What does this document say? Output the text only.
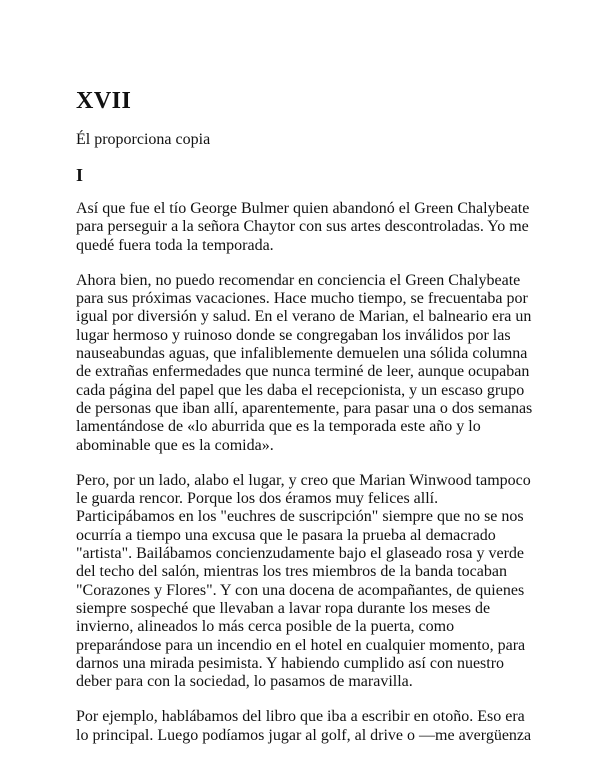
XVII

Él proporciona copia

I

Así que fue el tío George Bulmer quien abandonó el Green Chalybeate para perseguir a la señora Chaytor con sus artes descontroladas. Yo me quedé fuera toda la temporada.

Ahora bien, no puedo recomendar en conciencia el Green Chalybeate para sus próximas vacaciones. Hace mucho tiempo, se frecuentaba por igual por diversión y salud. En el verano de Marian, el balneario era un lugar hermoso y ruinoso donde se congregaban los inválidos por las nauseabundas aguas, que infaliblemente demuelen una sólida columna de extrañas enfermedades que nunca terminé de leer, aunque ocupaban cada página del papel que les daba el recepcionista, y un escaso grupo de personas que iban allí, aparentemente, para pasar una o dos semanas lamentándose de «lo aburrida que es la temporada este año y lo abominable que es la comida».

Pero, por un lado, alabo el lugar, y creo que Marian Winwood tampoco le guarda rencor. Porque los dos éramos muy felices allí. Participábamos en los "euchres de suscripción" siempre que no se nos ocurría a tiempo una excusa que le pasara la prueba al demacrado "artista". Bailábamos concienzudamente bajo el glaseado rosa y verde del techo del salón, mientras los tres miembros de la banda tocaban "Corazones y Flores". Y con una docena de acompañantes, de quienes siempre sospeché que llevaban a lavar ropa durante los meses de invierno, alineados lo más cerca posible de la puerta, como preparándose para un incendio en el hotel en cualquier momento, para darnos una mirada pesimista. Y habiendo cumplido así con nuestro deber para con la sociedad, lo pasamos de maravilla.

Por ejemplo, hablábamos del libro que iba a escribir en otoño. Eso era lo principal. Luego podíamos jugar al golf, al drive o —me avergüenza
